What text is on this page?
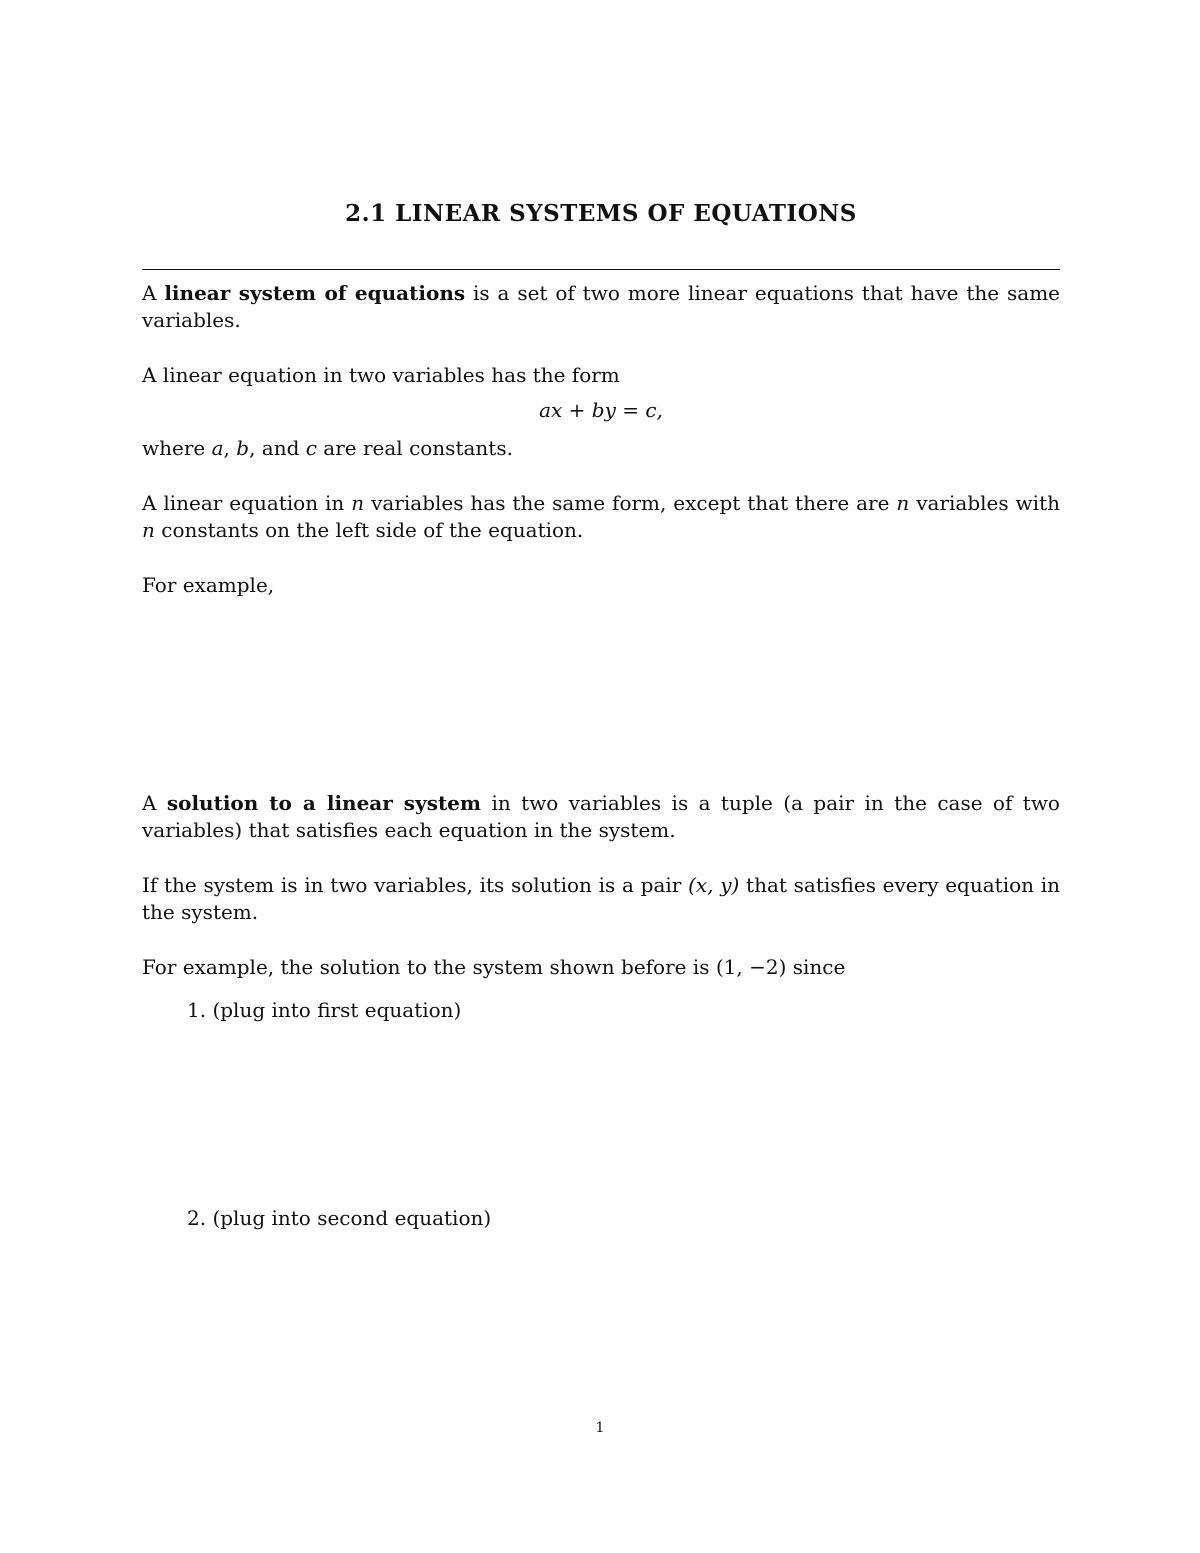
2.1 LINEAR SYSTEMS OF EQUATIONS

A linear system of equations is a set of two more linear equations that have the same variables.

A linear equation in two variables has the form

ax + by = c,

where a, b, and c are real constants.

A linear equation in n variables has the same form, except that there are n variables with n constants on the left side of the equation.

For example,

A solution to a linear system in two variables is a tuple (a pair in the case of two variables) that satisfies each equation in the system.

If the system is in two variables, its solution is a pair (x, y) that satisfies every equation in the system.

For example, the solution to the system shown before is (1, −2) since

1. (plug into first equation)

2. (plug into second equation)

1
